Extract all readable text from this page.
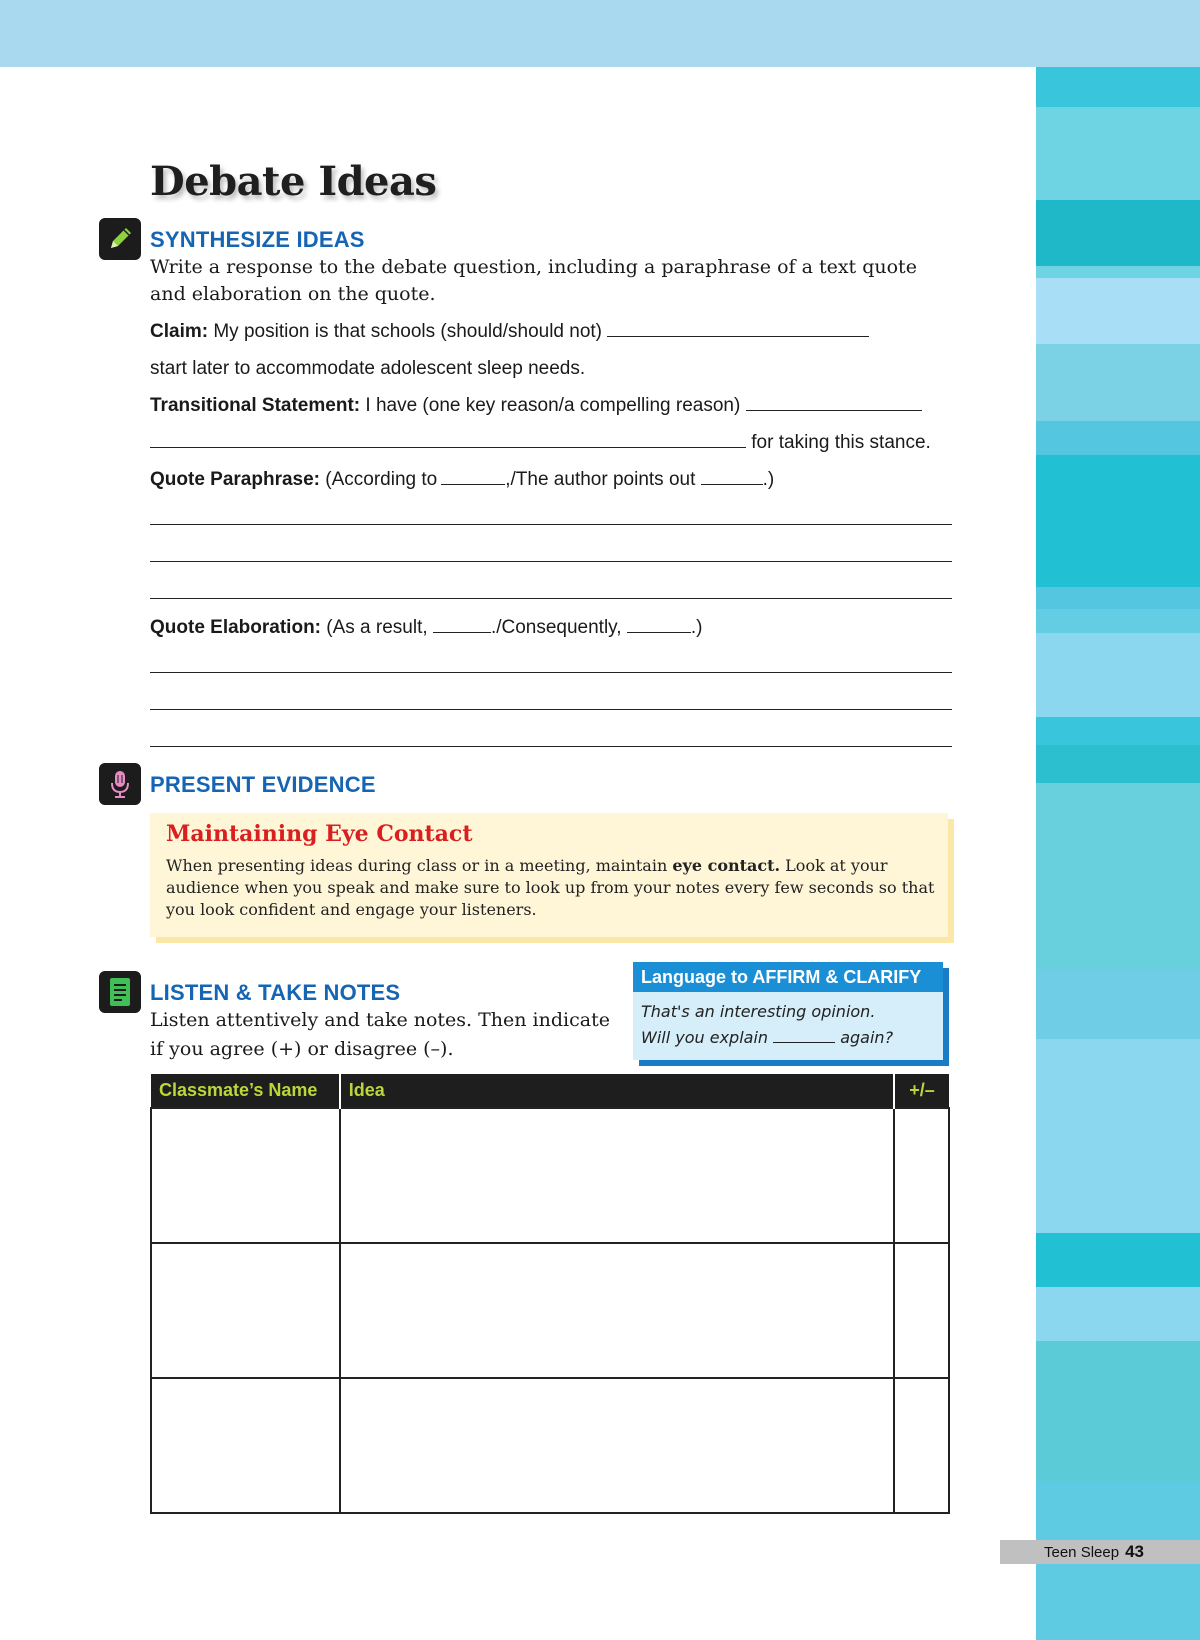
Debate Ideas
SYNTHESIZE IDEAS

Write a response to the debate question, including a paraphrase of a text quote and elaboration on the quote.

Claim: My position is that schools (should/should not)
start later to accommodate adolescent sleep needs.
Transitional Statement: I have (one key reason/a compelling reason)
for taking this stance.
Quote Paraphrase: (According to	,/The author points out	.)
Quote Elaboration: (As a result,	./Consequently,	.)
PRESENT EVIDENCE
Maintaining Eye Contact

When presenting ideas during class or in a meeting, maintain eye contact. Look at your audience when you speak and make sure to look up from your notes every few seconds so that you look confident and engage your listeners.

LISTEN & TAKE NOTES

Listen attentively and take notes. Then indicate if you agree (+) or disagree (–).

Language to AFFIRM & CLARIFY
That's an interesting opinion.
Will you explain	again?
Classmate’s Name	Idea	+/–

Teen Sleep 43
